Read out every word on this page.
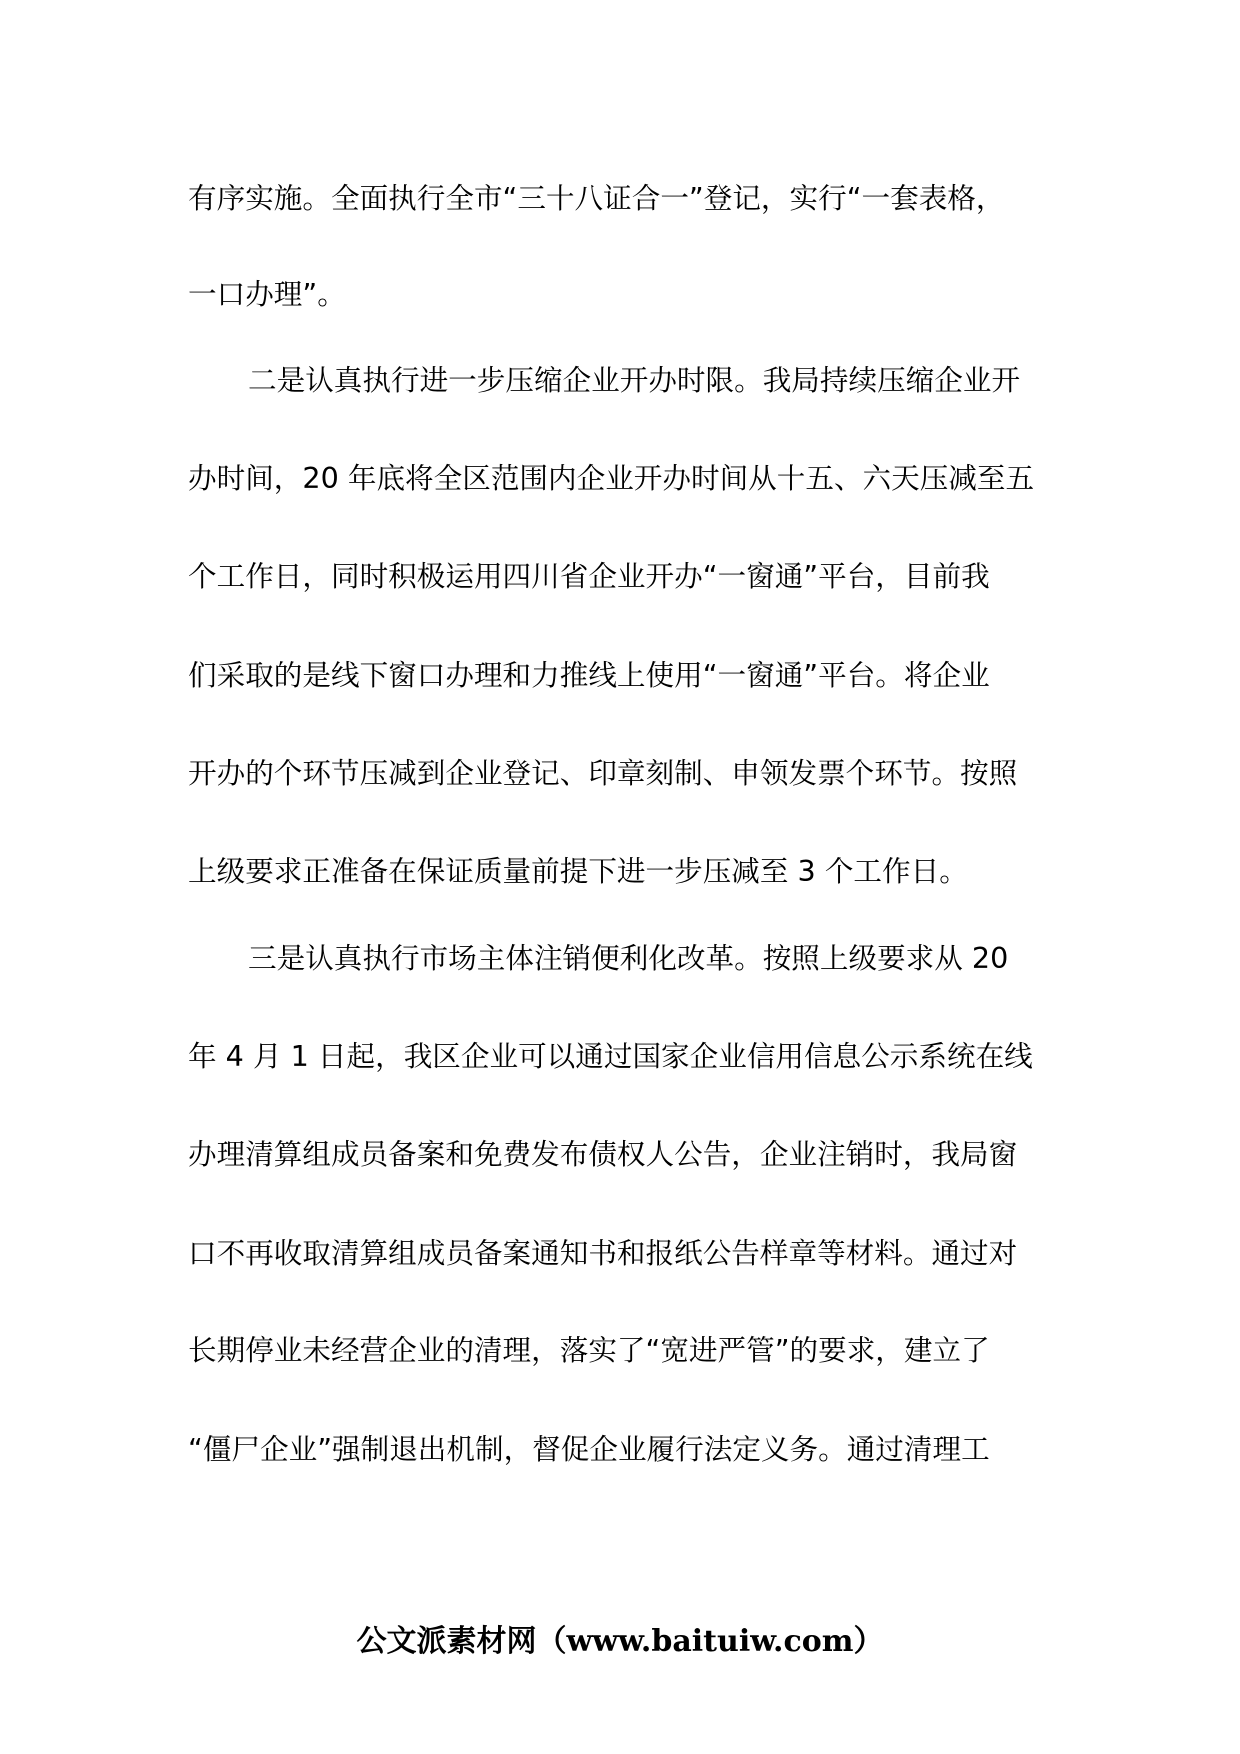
有序实施。全面执行全市“三十八证合一”登记，实行“一套表格，
一口办理”。
二是认真执行进一步压缩企业开办时限。我局持续压缩企业开
办时间，20 年底将全区范围内企业开办时间从十五、六天压减至五
个工作日，同时积极运用四川省企业开办“一窗通”平台，目前我
们采取的是线下窗口办理和力推线上使用“一窗通”平台。将企业
开办的个环节压减到企业登记、印章刻制、申领发票个环节。按照
上级要求正准备在保证质量前提下进一步压减至 3 个工作日。
三是认真执行市场主体注销便利化改革。按照上级要求从 20
年 4 月 1 日起，我区企业可以通过国家企业信用信息公示系统在线
办理清算组成员备案和免费发布债权人公告，企业注销时，我局窗
口不再收取清算组成员备案通知书和报纸公告样章等材料。通过对
长期停业未经营企业的清理，落实了“宽进严管”的要求，建立了
“僵尸企业”强制退出机制，督促企业履行法定义务。通过清理工
公文派素材网（www.baituiw.com）
